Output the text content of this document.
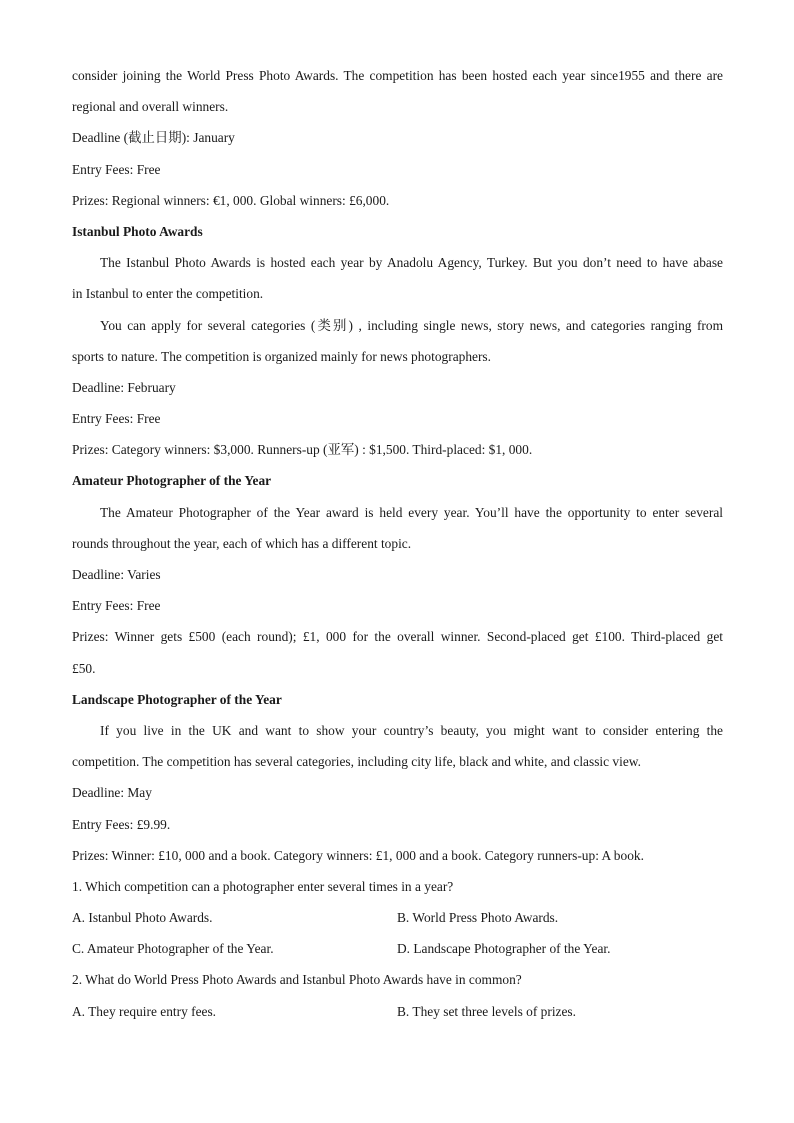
consider joining the World Press Photo Awards. The competition has been hosted each year since1955 and there are
regional and overall winners.
Deadline (截止日期): January
Entry Fees: Free
Prizes: Regional winners: €1, 000. Global winners: £6,000.
Istanbul Photo Awards
The Istanbul Photo Awards is hosted each year by Anadolu Agency, Turkey. But you don’t need to have abase
in Istanbul to enter the competition.
You can apply for several categories (类别) , including single news, story news, and categories ranging from
sports to nature. The competition is organized mainly for news photographers.
Deadline: February
Entry Fees: Free
Prizes: Category winners: $3,000. Runners-up (亚军) : $1,500. Third-placed: $1, 000.
Amateur Photographer of the Year
The Amateur Photographer of the Year award is held every year. You’ll have the opportunity to enter several
rounds throughout the year, each of which has a different topic.
Deadline: Varies
Entry Fees: Free
Prizes: Winner gets £500 (each round); £1, 000 for the overall winner. Second-placed get £100. Third-placed get
£50.
Landscape Photographer of the Year
If you live in the UK and want to show your country’s beauty, you might want to consider entering the
competition. The competition has several categories, including city life, black and white, and classic view.
Deadline: May
Entry Fees: £9.99.
Prizes: Winner: £10, 000 and a book. Category winners: £1, 000 and a book. Category runners-up: A book.
1. Which competition can a photographer enter several times in a year?
A. Istanbul Photo Awards.	B. World Press Photo Awards.
C. Amateur Photographer of the Year.	D. Landscape Photographer of the Year.
2. What do World Press Photo Awards and Istanbul Photo Awards have in common?
A. They require entry fees.	B. They set three levels of prizes.
